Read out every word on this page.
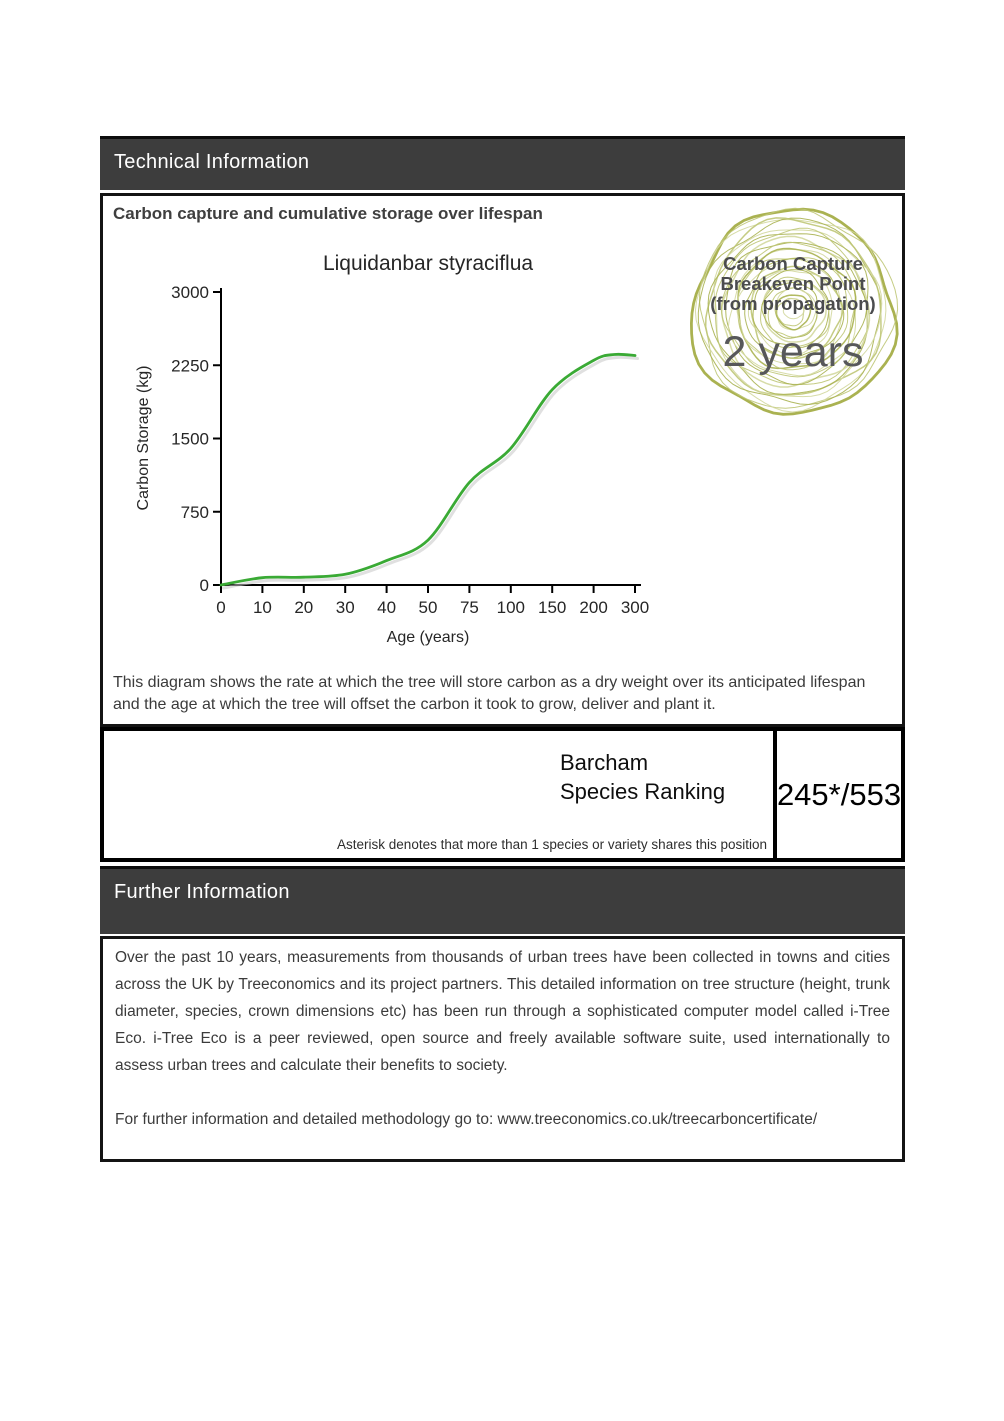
Technical Information
Carbon capture and cumulative storage over lifespan
Liquidanbar styraciflua
Carbon Storage (kg)
Age (years)
0
750
1500
2250
3000
0 10 20 30 40 50 75 100 150 200 300
Carbon Capture
Breakeven Point
(from propagation)
2 years
This diagram shows the rate at which the tree will store carbon as a dry weight over its anticipated lifespan and the age at which the tree will offset the carbon it took to grow, deliver and plant it.
Barcham
Species Ranking
Asterisk denotes that more than 1 species or variety shares this position
245*/553
Further Information

Over the past 10 years, measurements from thousands of urban trees have been collected in towns and cities across the UK by Treeconomics and its project partners. This detailed information on tree structure (height, trunk diameter, species, crown dimensions etc) has been run through a sophisticated computer model called i-Tree Eco. i-Tree Eco is a peer reviewed, open source and freely available software suite, used internationally to assess urban trees and calculate their benefits to society.

For further information and detailed methodology go to: www.treeconomics.co.uk/treecarboncertificate/
